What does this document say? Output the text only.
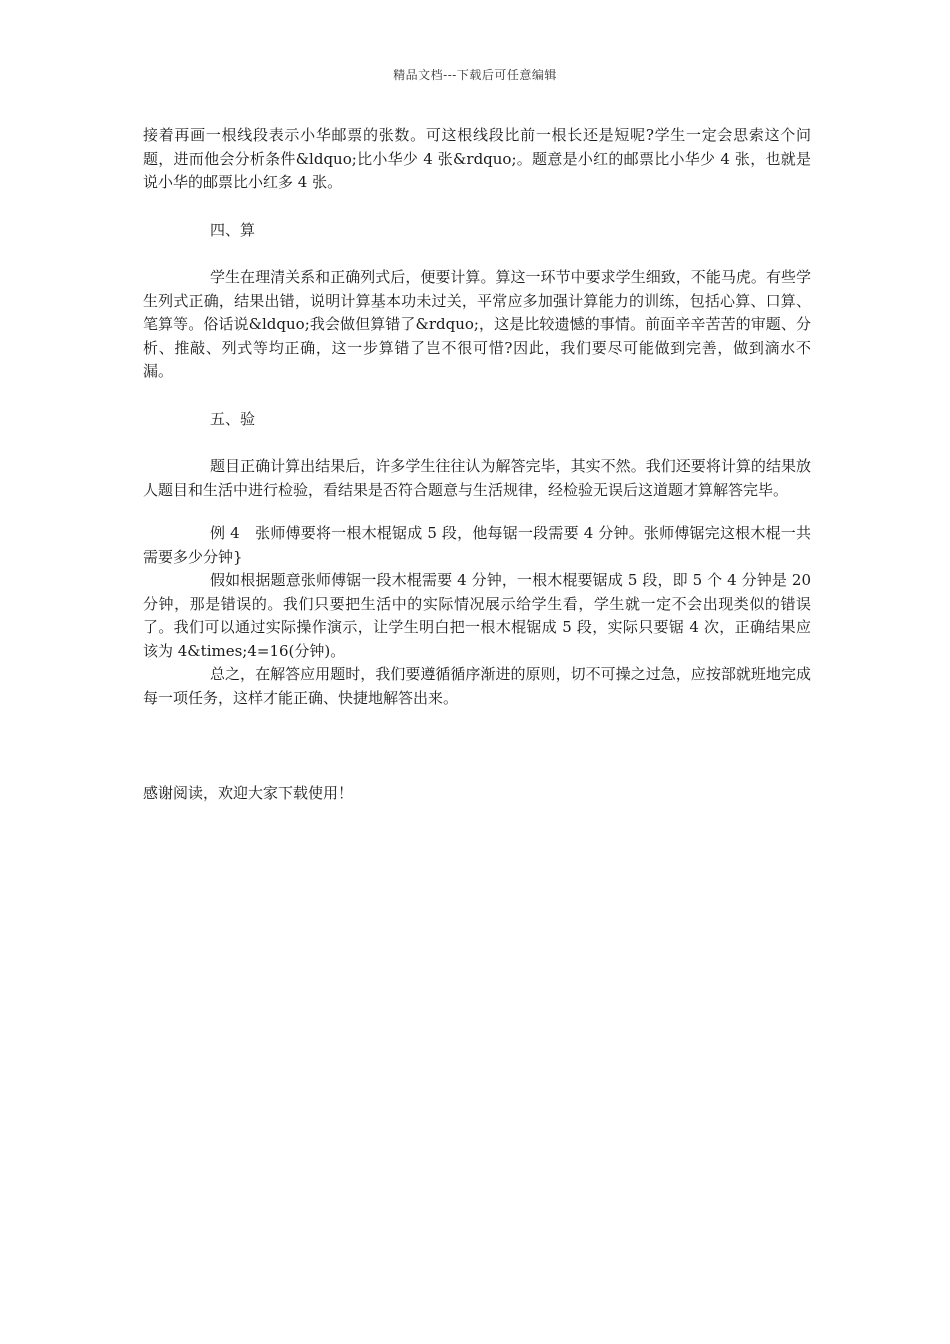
精品文档---下载后可任意编辑

接着再画一根线段表示小华邮票的张数。可这根线段比前一根长还是短呢?学生一定会思索这个问题，进而他会分析条件&ldquo;比小华少 4 张&rdquo;。题意是小红的邮票比小华少 4 张，也就是说小华的邮票比小红多 4 张。

四、算

学生在理清关系和正确列式后，便要计算。算这一环节中要求学生细致，不能马虎。有些学生列式正确，结果出错，说明计算基本功未过关，平常应多加强计算能力的训练，包括心算、口算、笔算等。俗话说&ldquo;我会做但算错了&rdquo;，这是比较遗憾的事情。前面辛辛苦苦的审题、分析、推敲、列式等均正确，这一步算错了岂不很可惜?因此，我们要尽可能做到完善，做到滴水不漏。

五、验

题目正确计算出结果后，许多学生往往认为解答完毕，其实不然。我们还要将计算的结果放人题目和生活中进行检验，看结果是否符合题意与生活规律，经检验无误后这道题才算解答完毕。

例 4　张师傅要将一根木棍锯成 5 段，他每锯一段需要 4 分钟。张师傅锯完这根木棍一共需要多少分钟}

假如根据题意张师傅锯一段木棍需要 4 分钟，一根木棍要锯成 5 段，即 5 个 4 分钟是 20 分钟，那是错误的。我们只要把生活中的实际情况展示给学生看，学生就一定不会出现类似的错误了。我们可以通过实际操作演示，让学生明白把一根木棍锯成 5 段，实际只要锯 4 次，正确结果应该为 4&times;4=16(分钟)。

总之，在解答应用题时，我们要遵循循序渐进的原则，切不可操之过急，应按部就班地完成每一项任务，这样才能正确、快捷地解答出来。

感谢阅读，欢迎大家下载使用！
